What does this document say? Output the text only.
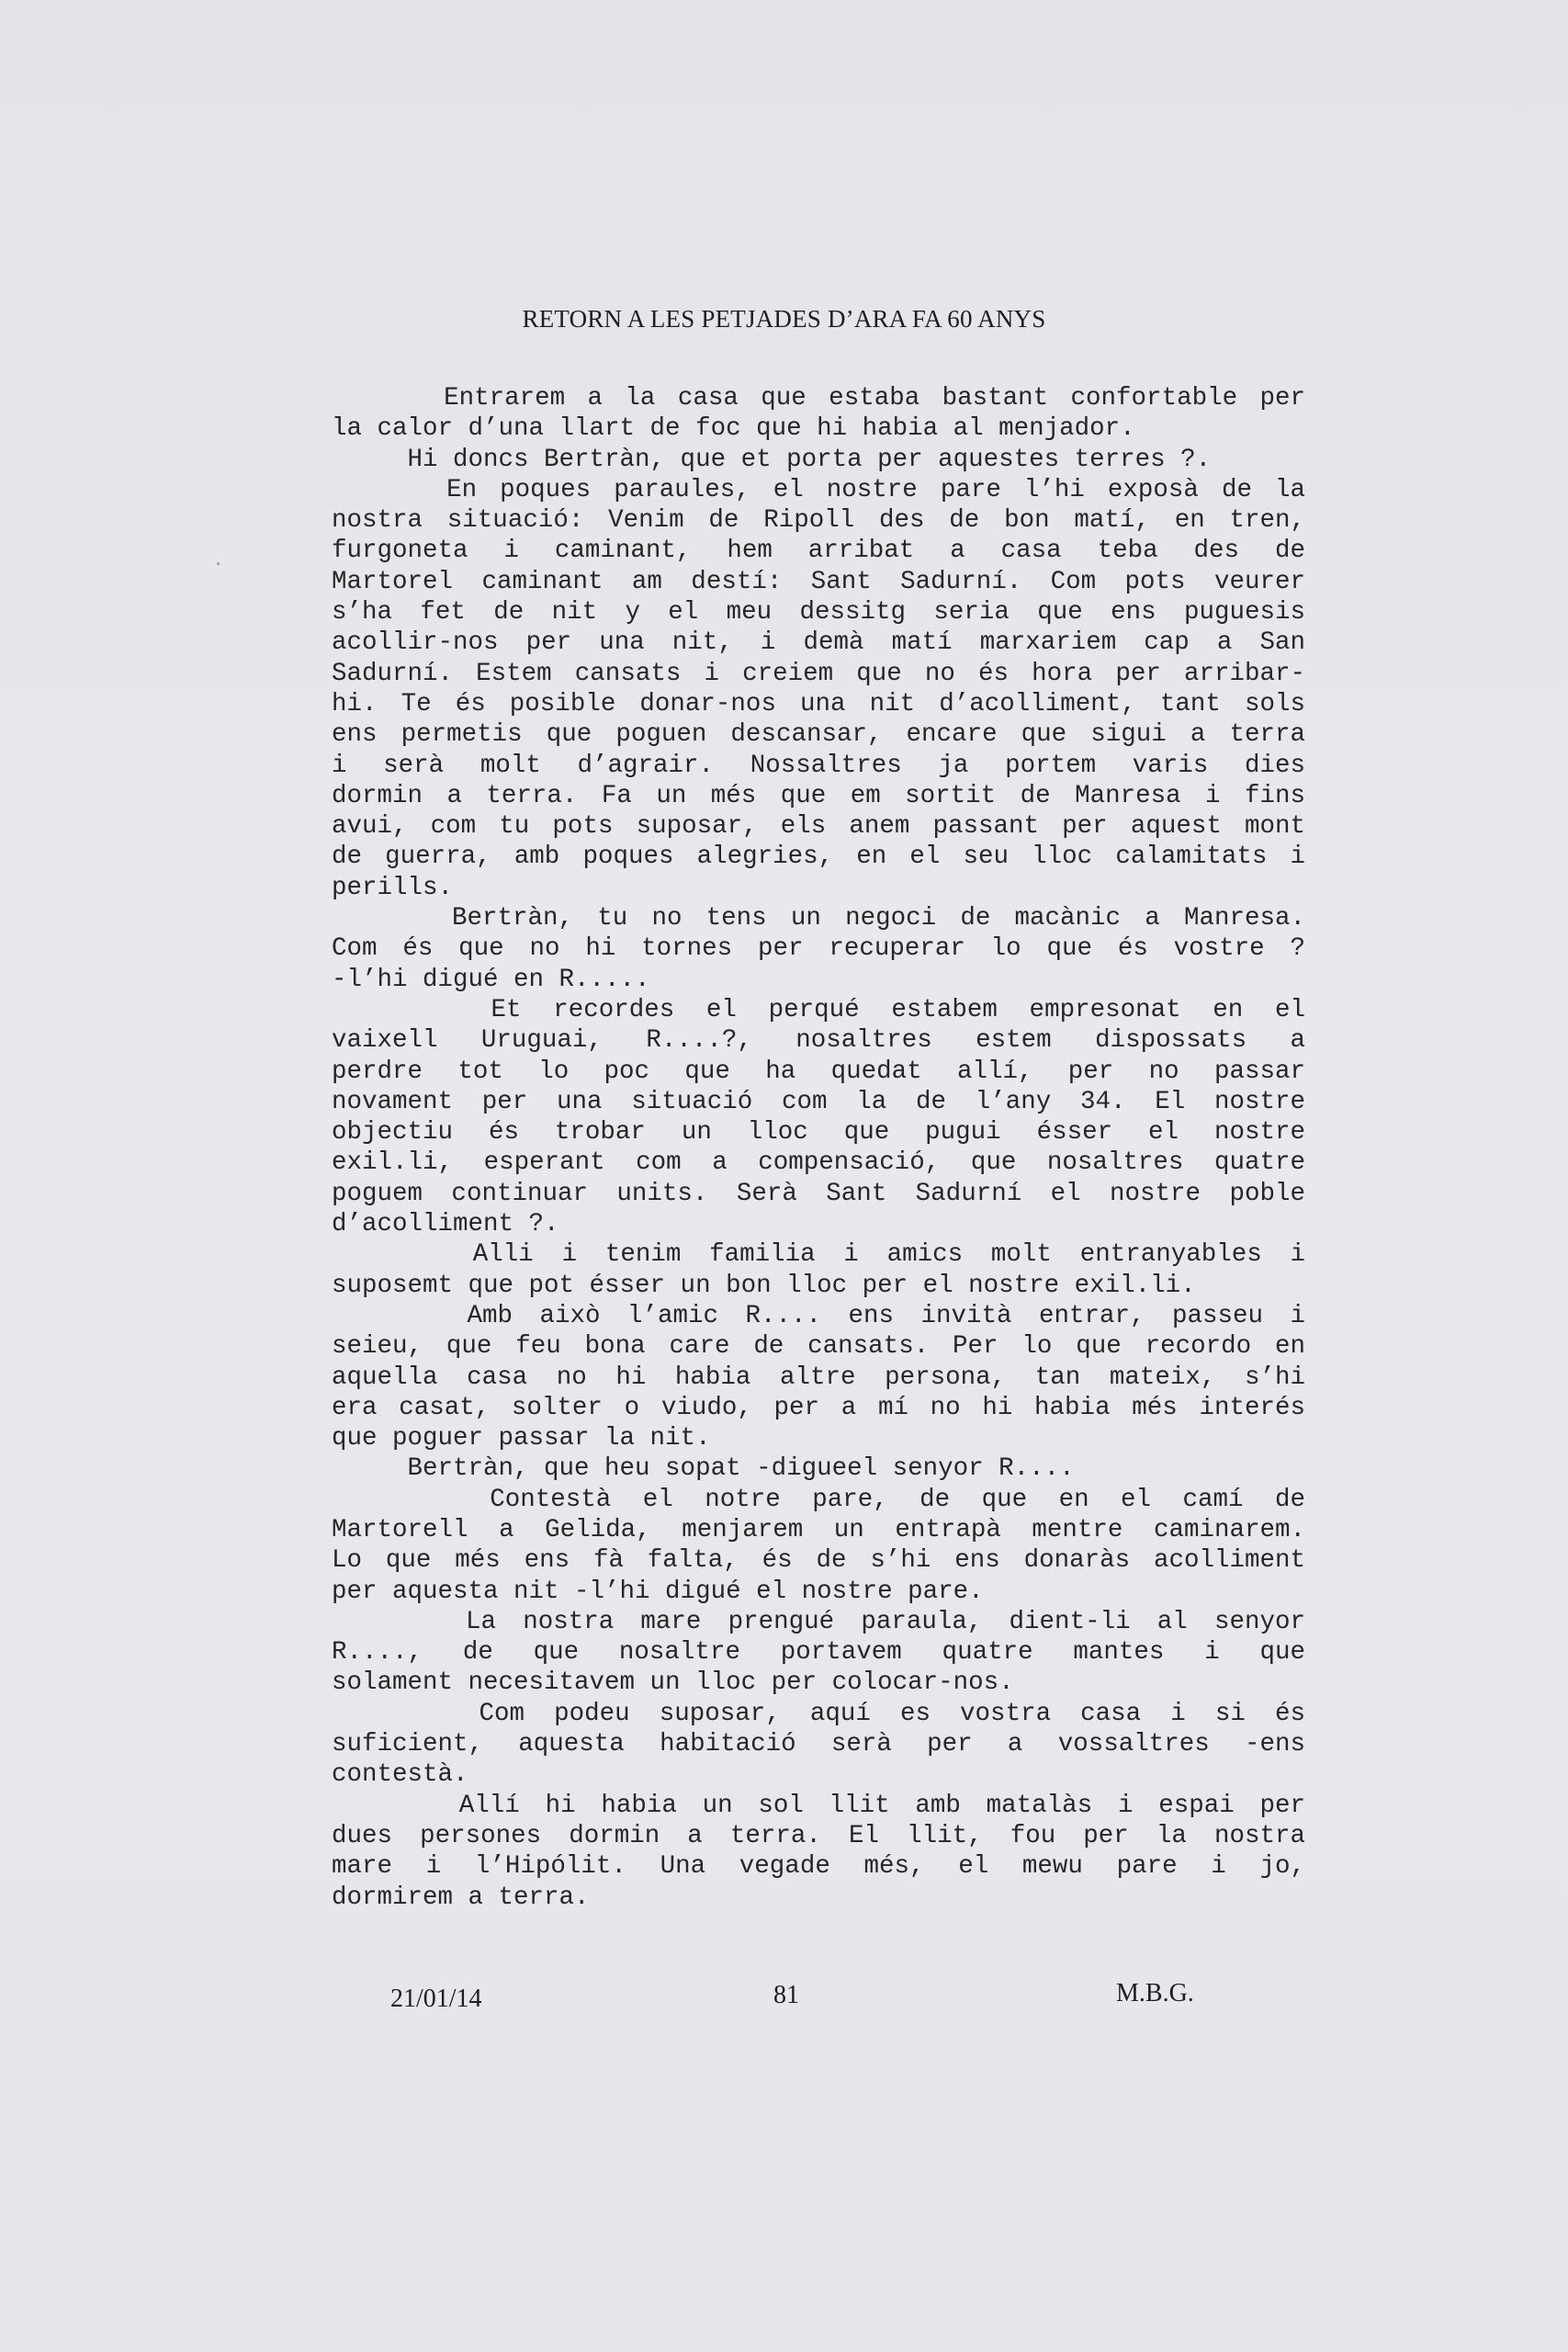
RETORN A LES PETJADES D’ARA FA 60 ANYS
Entrarem a la casa que estaba bastant confortable per
la calor d’una llart de foc que hi habia al menjador.
Hi doncs Bertràn, que et porta per aquestes terres ?.
En poques paraules, el nostre pare l’hi exposà de la
nostra situació: Venim de Ripoll des de bon matí, en tren,
furgoneta i caminant, hem arribat a casa teba des de
Martorel caminant am destí: Sant Sadurní. Com pots veurer
s’ha fet de nit y el meu dessitg seria que ens puguesis
acollir-nos per una nit, i demà matí marxariem cap a San
Sadurní. Estem cansats i creiem que no és hora per arribar-
hi. Te és posible donar-nos una nit d’acolliment, tant sols
ens permetis que poguen descansar, encare que sigui a terra
i serà molt d’agrair. Nossaltres ja portem varis dies
dormin a terra. Fa un més que em sortit de Manresa i fins
avui, com tu pots suposar, els anem passant per aquest mont
de guerra, amb poques alegries, en el seu lloc calamitats i
perills.
Bertràn, tu no tens un negoci de macànic a Manresa.
Com és que no hi tornes per recuperar lo que és vostre ?
-l’hi digué en R.....
Et recordes el perqué estabem empresonat en el
vaixell Uruguai, R....?, nosaltres estem dispossats a
perdre tot lo poc que ha quedat allí, per no passar
novament per una situació com la de l’any 34. El nostre
objectiu és trobar un lloc que pugui ésser el nostre
exil.li, esperant com a compensació, que nosaltres quatre
poguem continuar units. Serà Sant Sadurní el nostre poble
d’acolliment ?.
Alli i tenim familia i amics molt entranyables i
suposemt que pot ésser un bon lloc per el nostre exil.li.
Amb això l’amic R.... ens invità entrar, passeu i
seieu, que feu bona care de cansats. Per lo que recordo en
aquella casa no hi habia altre persona, tan mateix, s’hi
era casat, solter o viudo, per a mí no hi habia més interés
que poguer passar la nit.
Bertràn, que heu sopat -digueel senyor R....
Contestà el notre pare, de que en el camí de
Martorell a Gelida, menjarem un entrapà mentre caminarem.
Lo que més ens fà falta, és de s’hi ens donaràs acolliment
per aquesta nit -l’hi digué el nostre pare.
La nostra mare prengué paraula, dient-li al senyor
R...., de que nosaltre portavem quatre mantes i que
solament necesitavem un lloc per colocar-nos.
Com podeu suposar, aquí es vostra casa i si és
suficient, aquesta habitació serà per a vossaltres -ens
contestà.
Allí hi habia un sol llit amb matalàs i espai per
dues persones dormin a terra. El llit, fou per la nostra
mare i l’Hipólit. Una vegade més, el mewu pare i jo,
dormirem a terra.
21/01/14	81	M.B.G.
